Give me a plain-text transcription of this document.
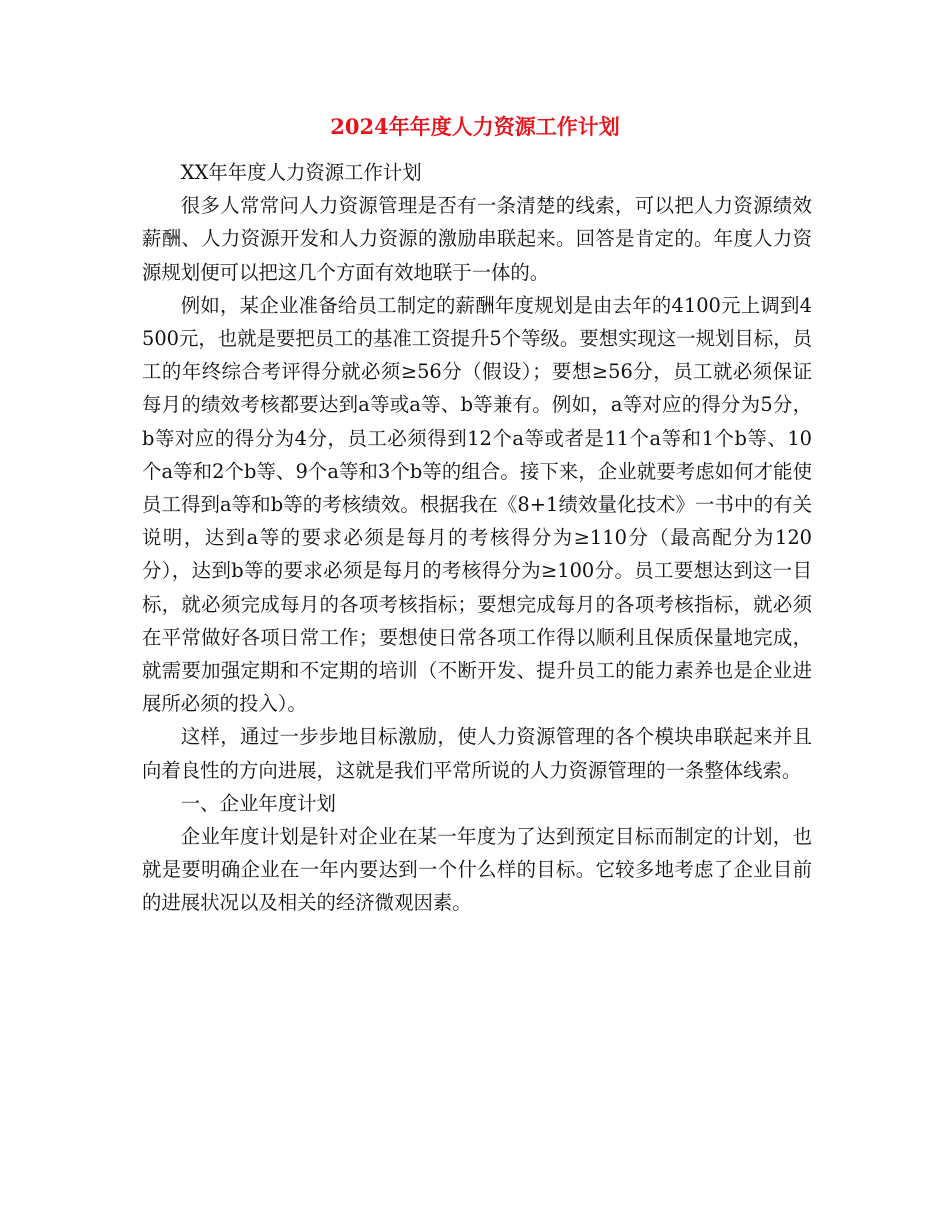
2024年年度人力资源工作计划

XX年年度人力资源工作计划

很多人常常问人力资源管理是否有一条清楚的线索，可以把人力资源绩效薪酬、人力资源开发和人力资源的激励串联起来。回答是肯定的。年度人力资源规划便可以把这几个方面有效地联于一体的。

例如，某企业准备给员工制定的薪酬年度规划是由去年的4100元上调到4500元，也就是要把员工的基准工资提升5个等级。要想实现这一规划目标，员工的年终综合考评得分就必须≥56分（假设）；要想≥56分，员工就必须保证每月的绩效考核都要达到a等或a等、b等兼有。例如，a等对应的得分为5分，b等对应的得分为4分，员工必须得到12个a等或者是11个a等和1个b等、10个a等和2个b等、9个a等和3个b等的组合。接下来，企业就要考虑如何才能使员工得到a等和b等的考核绩效。根据我在《8+1绩效量化技术》一书中的有关说明，达到a等的要求必须是每月的考核得分为≥110分（最高配分为120分），达到b等的要求必须是每月的考核得分为≥100分。员工要想达到这一目标，就必须完成每月的各项考核指标；要想完成每月的各项考核指标，就必须在平常做好各项日常工作；要想使日常各项工作得以顺利且保质保量地完成，就需要加强定期和不定期的培训（不断开发、提升员工的能力素养也是企业进展所必须的投入）。

这样，通过一步步地目标激励，使人力资源管理的各个模块串联起来并且向着良性的方向进展，这就是我们平常所说的人力资源管理的一条整体线索。

一、企业年度计划

企业年度计划是针对企业在某一年度为了达到预定目标而制定的计划，也就是要明确企业在一年内要达到一个什么样的目标。它较多地考虑了企业目前的进展状况以及相关的经济微观因素。
